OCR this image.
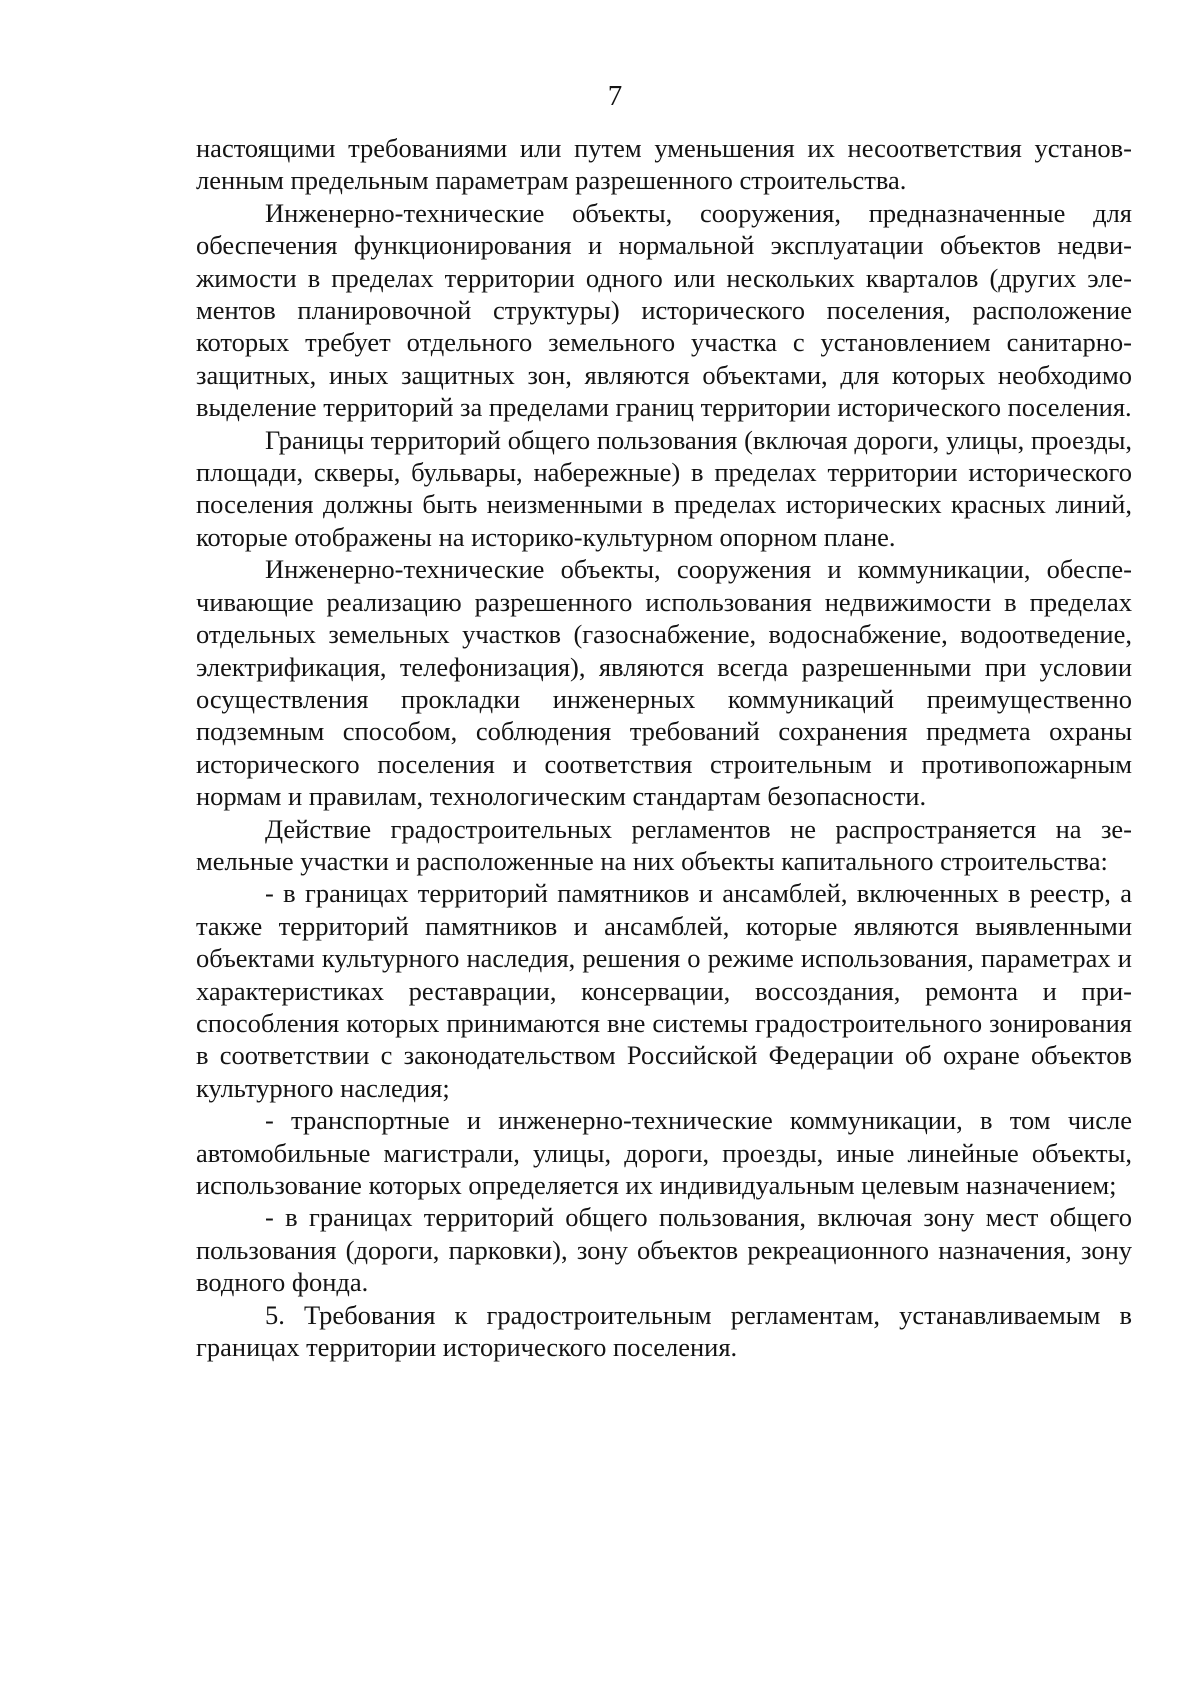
7

настоящими требованиями или путем уменьшения их несоответствия установленным предельным параметрам разрешенного строительства.

Инженерно-технические объекты, сооружения, предназначенные для обеспечения функционирования и нормальной эксплуатации объектов недвижимости в пределах территории одного или нескольких кварталов (других элементов планировочной структуры) исторического поселения, расположение которых требует отдельного земельного участка с установлением санитарно-защитных, иных защитных зон, являются объектами, для которых необходимо выделение территорий за пределами границ территории исторического поселения.

Границы территорий общего пользования (включая дороги, улицы, проезды, площади, скверы, бульвары, набережные) в пределах территории исторического поселения должны быть неизменными в пределах исторических красных линий, которые отображены на историко-культурном опорном плане.

Инженерно-технические объекты, сооружения и коммуникации, обеспечивающие реализацию разрешенного использования недвижимости в пределах отдельных земельных участков (газоснабжение, водоснабжение, водоотведение, электрификация, телефонизация), являются всегда разрешенными при условии осуществления прокладки инженерных коммуникаций преимущественно подземным способом, соблюдения требований сохранения предмета охраны исторического поселения и соответствия строительным и противопожарным нормам и правилам, технологическим стандартам безопасности.

Действие градостроительных регламентов не распространяется на земельные участки и расположенные на них объекты капитального строительства:

- в границах территорий памятников и ансамблей, включенных в реестр, а также территорий памятников и ансамблей, которые являются выявленными объектами культурного наследия, решения о режиме использования, параметрах и характеристиках реставрации, консервации, воссоздания, ремонта и приспособления которых принимаются вне системы градостроительного зонирования в соответствии с законодательством Российской Федерации об охране объектов культурного наследия;

- транспортные и инженерно-технические коммуникации, в том числе автомобильные магистрали, улицы, дороги, проезды, иные линейные объекты, использование которых определяется их индивидуальным целевым назначением;

- в границах территорий общего пользования, включая зону мест общего пользования (дороги, парковки), зону объектов рекреационного назначения, зону водного фонда.

5. Требования к градостроительным регламентам, устанавливаемым в границах территории исторического поселения.
